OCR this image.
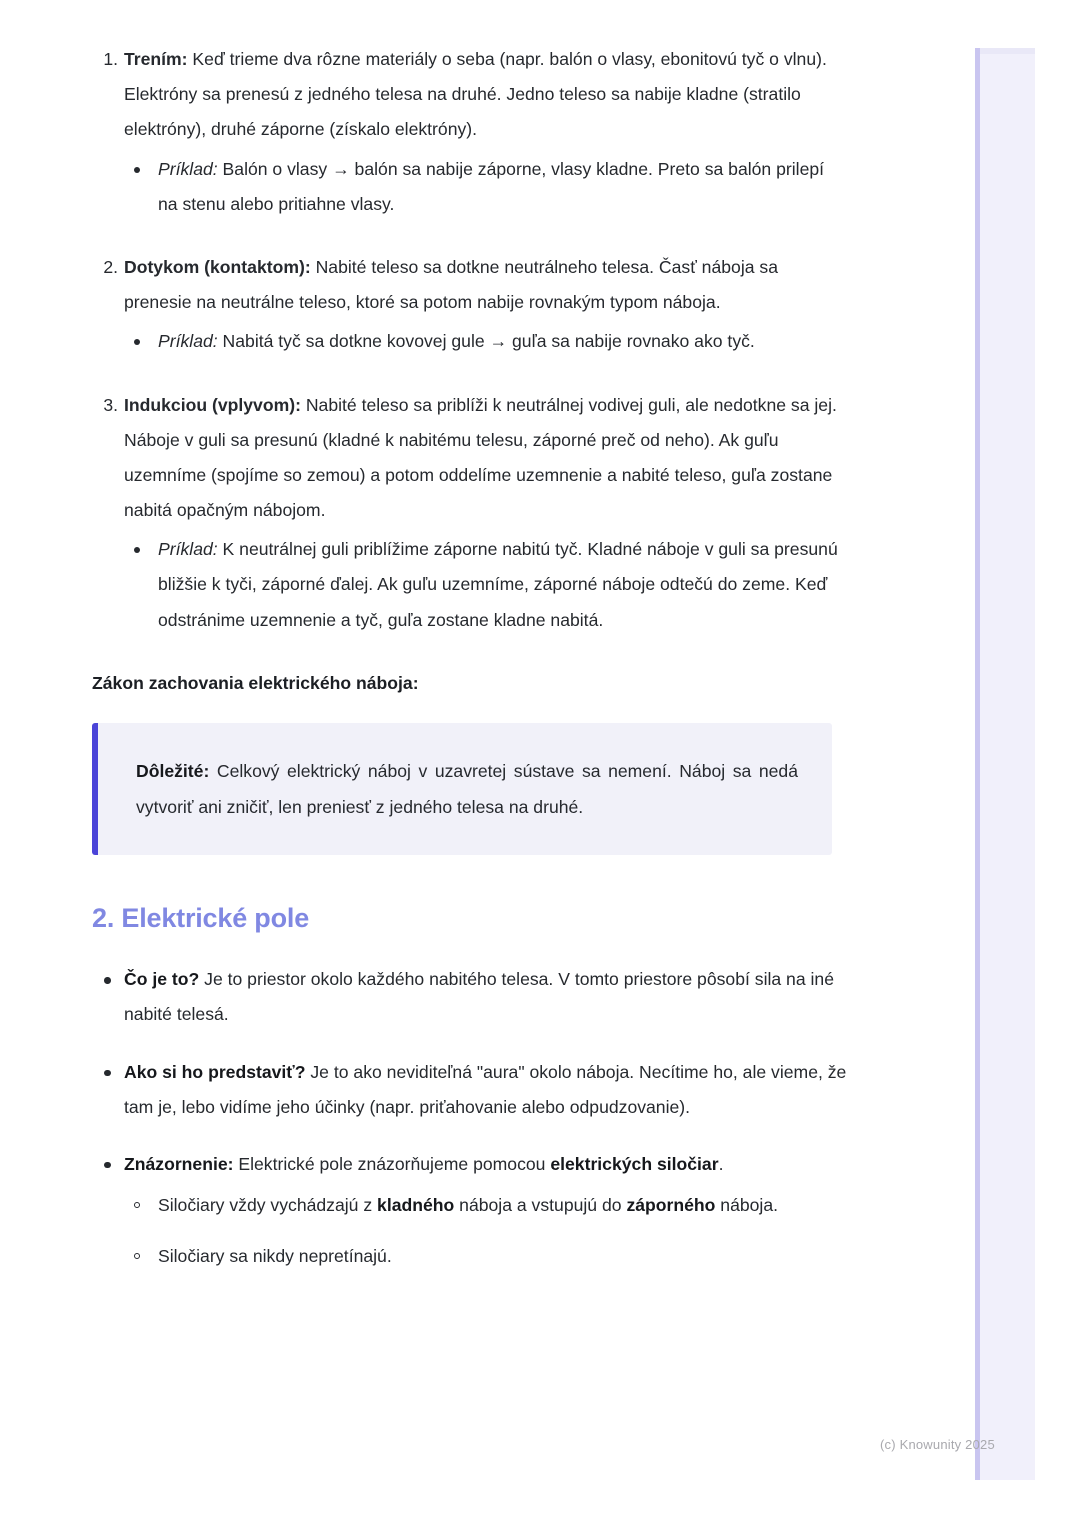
1. Trením: Keď trieme dva rôzne materiály o seba (napr. balón o vlasy, ebonitovú tyč o vlnu). Elektróny sa prenesú z jedného telesa na druhé. Jedno teleso sa nabije kladne (stratilo elektróny), druhé záporne (získalo elektróny).
Príklad: Balón o vlasy → balón sa nabije záporne, vlasy kladne. Preto sa balón prilepí na stenu alebo pritiahne vlasy.
2. Dotykom (kontaktom): Nabité teleso sa dotkne neutrálneho telesa. Časť náboja sa prenesie na neutrálne teleso, ktoré sa potom nabije rovnakým typom náboja.
Príklad: Nabitá tyč sa dotkne kovovej gule → guľa sa nabije rovnako ako tyč.
3. Indukciou (vplyvom): Nabité teleso sa priblíži k neutrálnej vodivej guli, ale nedotkne sa jej. Náboje v guli sa presunú (kladné k nabitému telesu, záporné preč od neho). Ak guľu uzemníme (spojíme so zemou) a potom oddelíme uzemnenie a nabité teleso, guľa zostane nabitá opačným nábojom.
Príklad: K neutrálnej guli priblížime záporne nabitú tyč. Kladné náboje v guli sa presunú bližšie k tyči, záporné ďalej. Ak guľu uzemníme, záporné náboje odtečú do zeme. Keď odstránime uzemnenie a tyč, guľa zostane kladne nabitá.

Zákon zachovania elektrického náboja:

Dôležité: Celkový elektrický náboj v uzavretej sústave sa nemení. Náboj sa nedá vytvoriť ani zničiť, len preniesť z jedného telesa na druhé.

2. Elektrické pole
Čo je to? Je to priestor okolo každého nabitého telesa. V tomto priestore pôsobí sila na iné nabité telesá.
Ako si ho predstaviť? Je to ako neviditeľná "aura" okolo náboja. Necítime ho, ale vieme, že tam je, lebo vidíme jeho účinky (napr. priťahovanie alebo odpudzovanie).
Znázornenie: Elektrické pole znázorňujeme pomocou elektrických siločiar.
Siločiary vždy vychádzajú z kladného náboja a vstupujú do záporného náboja.
Siločiary sa nikdy nepretínajú.
(c) Knowunity 2025
